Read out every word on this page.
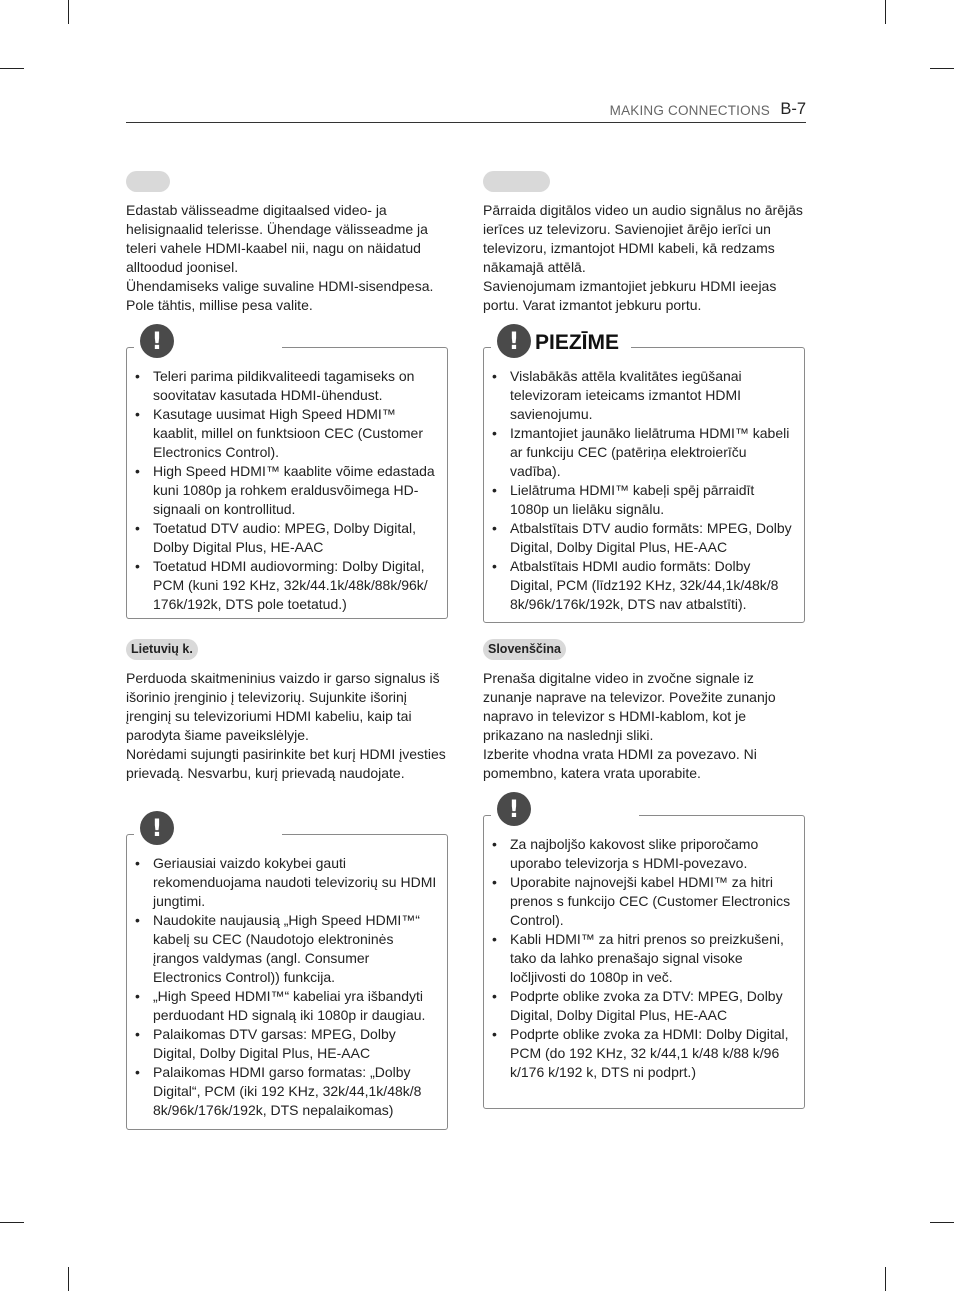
MAKING CONNECTIONS B-7

Edastab välisseadme digitaalsed video- ja helisignaalid telerisse. Ühendage välisseadme ja teleri vahele HDMI-kaabel nii, nagu on näidatud alltoodud joonisel.

Ühendamiseks valige suvaline HDMI-sisendpesa. Pole tähtis, millise pesa valite.

• Teleri parima pildikvaliteedi tagamiseks on soovitatav kasutada HDMI-ühendust.
• Kasutage uusimat High Speed HDMI™ kaablit, millel on funktsioon CEC (Customer Electronics Control).
• High Speed HDMI™ kaablite võime edastada kuni 1080p ja rohkem eraldusvõimega HD-signaali on kontrollitud.
• Toetatud DTV audio: MPEG, Dolby Digital, Dolby Digital Plus, HE-AAC
• Toetatud HDMI audiovorming: Dolby Digital, PCM (kuni 192 KHz, 32k/44.1k/48k/88k/96k/ 176k/192k, DTS pole toetatud.)
!

Pārraida digitālos video un audio signālus no ārējās ierīces uz televizoru. Savienojiet ārējo ierīci un televizoru, izmantojot HDMI kabeli, kā redzams nākamajā attēlā.

Savienojumam izmantojiet jebkuru HDMI ieejas portu. Varat izmantot jebkuru portu.

• Vislabākās attēla kvalitātes iegūšanai televizoram ieteicams izmantot HDMI savienojumu.
• Izmantojiet jaunāko lielātruma HDMI™ kabeli ar funkciju CEC (patēriņa elektroierīču vadība).
• Lielātruma HDMI™ kabeļi spēj pārraidīt 1080p un lielāku signālu.
• Atbalstītais DTV audio formāts: MPEG, Dolby Digital, Dolby Digital Plus, HE-AAC
• Atbalstītais HDMI audio formāts: Dolby Digital, PCM (līdz192 KHz, 32k/44,1k/48k/8 8k/96k/176k/192k, DTS nav atbalstīti).
! PIEZĪME
Lietuvių k.

Perduoda skaitmeninius vaizdo ir garso signalus iš išorinio įrenginio į televizorių. Sujunkite išorinį įrenginį su televizoriumi HDMI kabeliu, kaip tai parodyta šiame paveikslėlyje.

Norėdami sujungti pasirinkite bet kurį HDMI įvesties prievadą. Nesvarbu, kurį prievadą naudojate.

• Geriausiai vaizdo kokybei gauti rekomenduojama naudoti televizorių su HDMI jungtimi.
• Naudokite naujausią „High Speed HDMI™“ kabelį su CEC (Naudotojo elektroninės įrangos valdymas (angl. Consumer Electronics Control)) funkcija.
• „High Speed HDMI™“ kabeliai yra išbandyti perduodant HD signalą iki 1080p ir daugiau.
• Palaikomas DTV garsas: MPEG, Dolby Digital, Dolby Digital Plus, HE-AAC
• Palaikomas HDMI garso formatas: „Dolby Digital“, PCM (iki 192 KHz, 32k/44,1k/48k/8 8k/96k/176k/192k, DTS nepalaikomas)
!
Slovenščina

Prenaša digitalne video in zvočne signale iz zunanje naprave na televizor. Povežite zunanjo napravo in televizor s HDMI-kablom, kot je prikazano na naslednji sliki.

Izberite vhodna vrata HDMI za povezavo. Ni pomembno, katera vrata uporabite.

• Za najboljšo kakovost slike priporočamo uporabo televizorja s HDMI-povezavo.
• Uporabite najnovejši kabel HDMI™ za hitri prenos s funkcijo CEC (Customer Electronics Control).
• Kabli HDMI™ za hitri prenos so preizkušeni, tako da lahko prenašajo signal visoke ločljivosti do 1080p in več.
• Podprte oblike zvoka za DTV: MPEG, Dolby Digital, Dolby Digital Plus, HE-AAC
• Podprte oblike zvoka za HDMI: Dolby Digital, PCM (do 192 KHz, 32 k/44,1 k/48 k/88 k/96 k/176 k/192 k, DTS ni podprt.)
!
